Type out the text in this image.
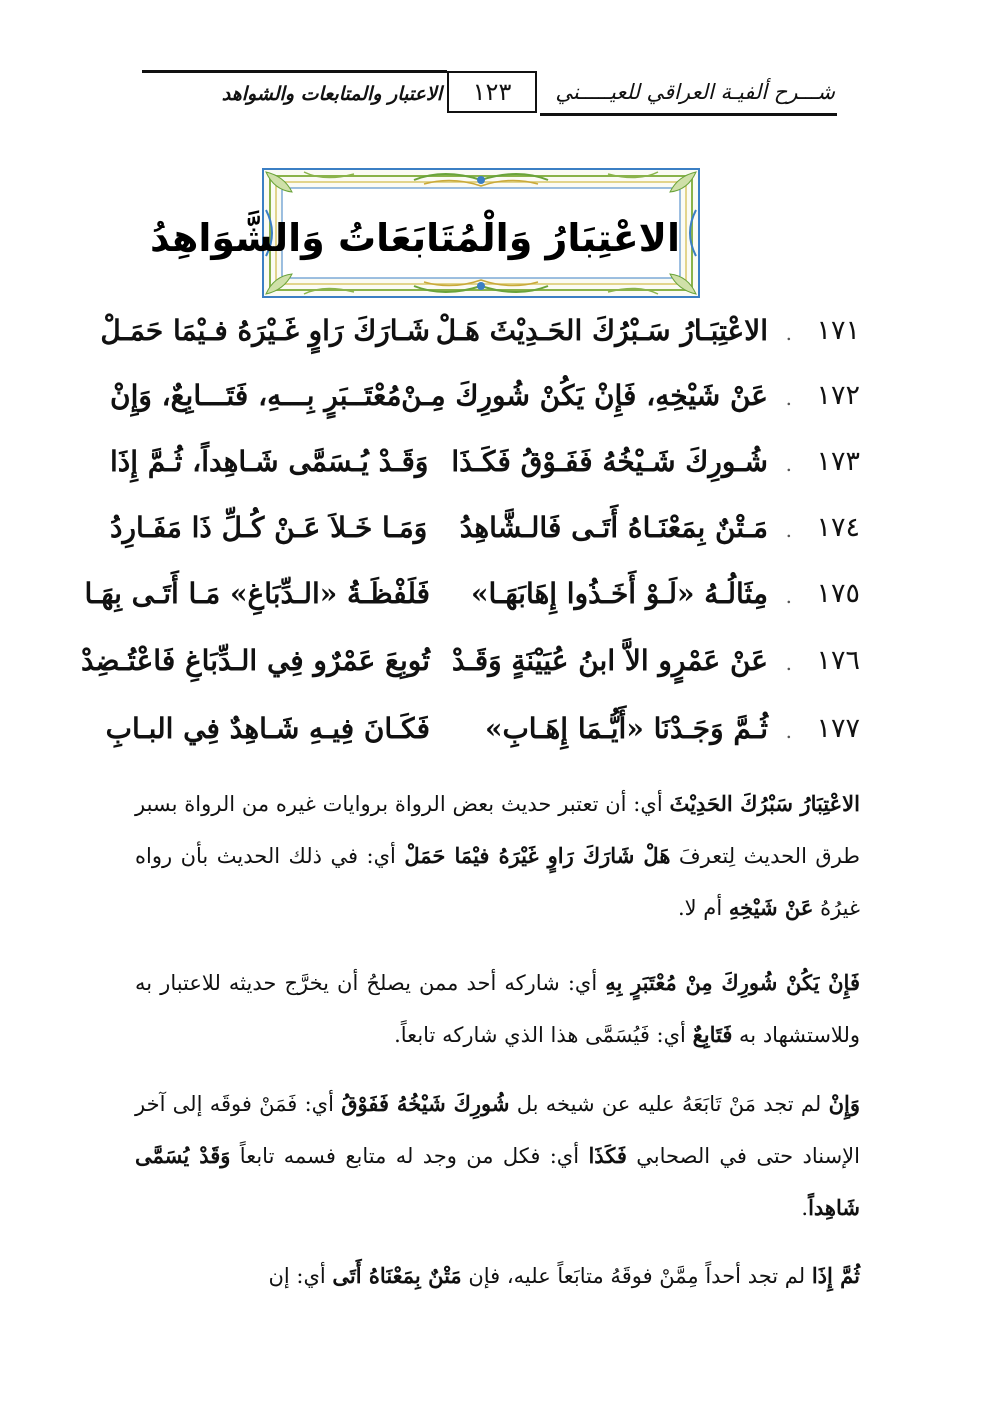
١٢٣	شـــرح ألفيـة العراقي للعيـــــني
الاعتبار والمتابعات والشواهد
الاعْتِبَارُ وَالْمُتَابَعَاتُ وَالشَّوَاهِدُ
١٧١
.
الاعْتِبَـارُ سَـبْرُكَ الحَـدِيْثَ هَـلْ
شَـارَكَ رَاوٍ غَـيْرَهُ فـيْمَا حَمَـلْ
١٧٢
.
عَنْ شَيْخِهِ، فَإِنْ يَكُنْ شُورِكَ مِـنْ
مُعْتَــبَرٍ بِـــهِ، فَتَـــابِعٌ، وَإِنْ
١٧٣
.
شُـورِكَ شَـيْخُهُ فَفَـوْقُ فَكَـذَا
وَقَـدْ يُـسَمَّى شَـاهِداً، ثُـمَّ إِذَا
١٧٤
.
مَـتْنٌ بِمَعْنَـاهُ أَتَـى فَالـشَّاهِدُ
وَمَـا خَـلاَ عَـنْ كُـلِّ ذَا مَفَـارِدُ
١٧٥
.
مِثَالُـهُ «لَـوْ أَخَـذُوا إِهَابَهَـا»
فَلَفْظَـةُ «الـدِّبَاغِ» مَـا أَتَـى بِهَـا
١٧٦
.
عَنْ عَمْرٍو الاَّ ابنُ عُيَيْنَةٍ وَقَـدْ
تُوبِعَ عَمْرٌو فِي الـدِّبَاغِ فَاعْتُـضِدْ
١٧٧
.
ثُـمَّ وَجَـدْنَا «أَيُّـمَا إِهَـابِ»
فَكَـانَ فِيـهِ شَـاهِدٌ فِي البـابِ
الاعْتِبَارُ سَبْرُكَ الحَدِيْثَ أي: أن تعتبر حديث بعض الرواة بروايات غيره من الرواة بسبر طرق الحديث لِتعرفَ هَلْ شَارَكَ رَاوٍ غَيْرَهُ فيْمَا حَمَلْ أي: في ذلك الحديث بأن رواه غيرُهُ عَنْ شَيْخِهِ أم لا.
فَإِنْ يَكُنْ شُورِكَ مِنْ مُعْتَبَرٍ بِهِ أي: شاركه أحد ممن يصلحُ أن يخرَّج حديثه للاعتبار به وللاستشهاد به فَتَابِعٌ أي: فَيُسَمَّى هذا الذي شاركه تابعاً.
وَإِنْ لم تجد مَنْ تَابَعَهُ عليه عن شيخه بل شُورِكَ شَيْخُهُ فَفَوْقُ أي: فَمَنْ فوقَه إلى آخر الإسناد حتى في الصحابي فَكَذَا أي: فكل من وجد له متابع فسمه تابعاً وَقَدْ يُسَمَّى شَاهِداً.
ثُمَّ إِذَا لم تجد أحداً مِمَّنْ فوقَهُ متابَعاً عليه، فإن مَتْنٌ بِمَعْنَاهُ أَتَى أي: إن
